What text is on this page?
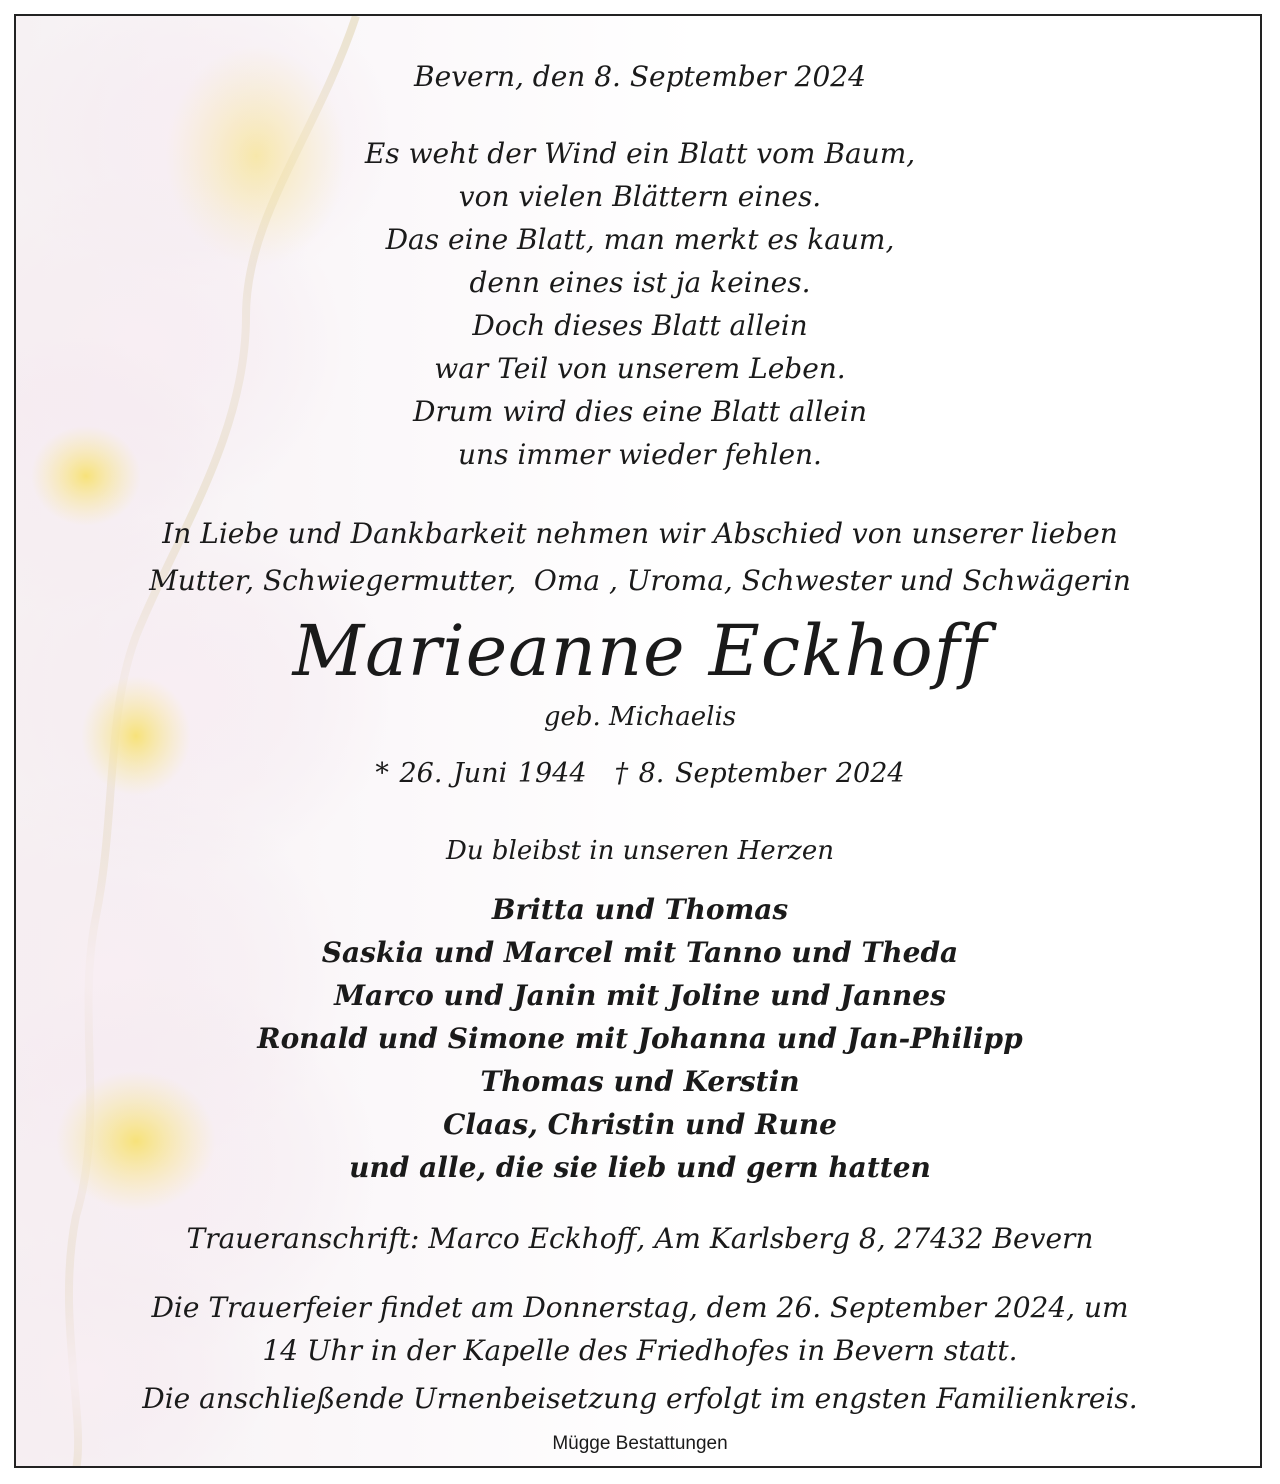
Bevern, den 8. September 2024
Es weht der Wind ein Blatt vom Baum,
von vielen Blättern eines.
Das eine Blatt, man merkt es kaum,
denn eines ist ja keines.
Doch dieses Blatt allein
war Teil von unserem Leben.
Drum wird dies eine Blatt allein
uns immer wieder fehlen.
In Liebe und Dankbarkeit nehmen wir Abschied von unserer lieben
Mutter, Schwiegermutter,  Oma , Uroma, Schwester und Schwägerin
Marieanne Eckhoff
geb. Michaelis
* 26. Juni 1944 † 8. September 2024
Du bleibst in unseren Herzen
Britta und Thomas
Saskia und Marcel mit Tanno und Theda
Marco und Janin mit Joline und Jannes
Ronald und Simone mit Johanna und Jan-Philipp
Thomas und Kerstin
Claas, Christin und Rune
und alle, die sie lieb und gern hatten
Traueranschrift: Marco Eckhoff, Am Karlsberg 8, 27432 Bevern
Die Trauerfeier findet am Donnerstag, dem 26. September 2024, um
14 Uhr in der Kapelle des Friedhofes in Bevern statt.
Die anschließende Urnenbeisetzung erfolgt im engsten Familienkreis.
Mügge Bestattungen
